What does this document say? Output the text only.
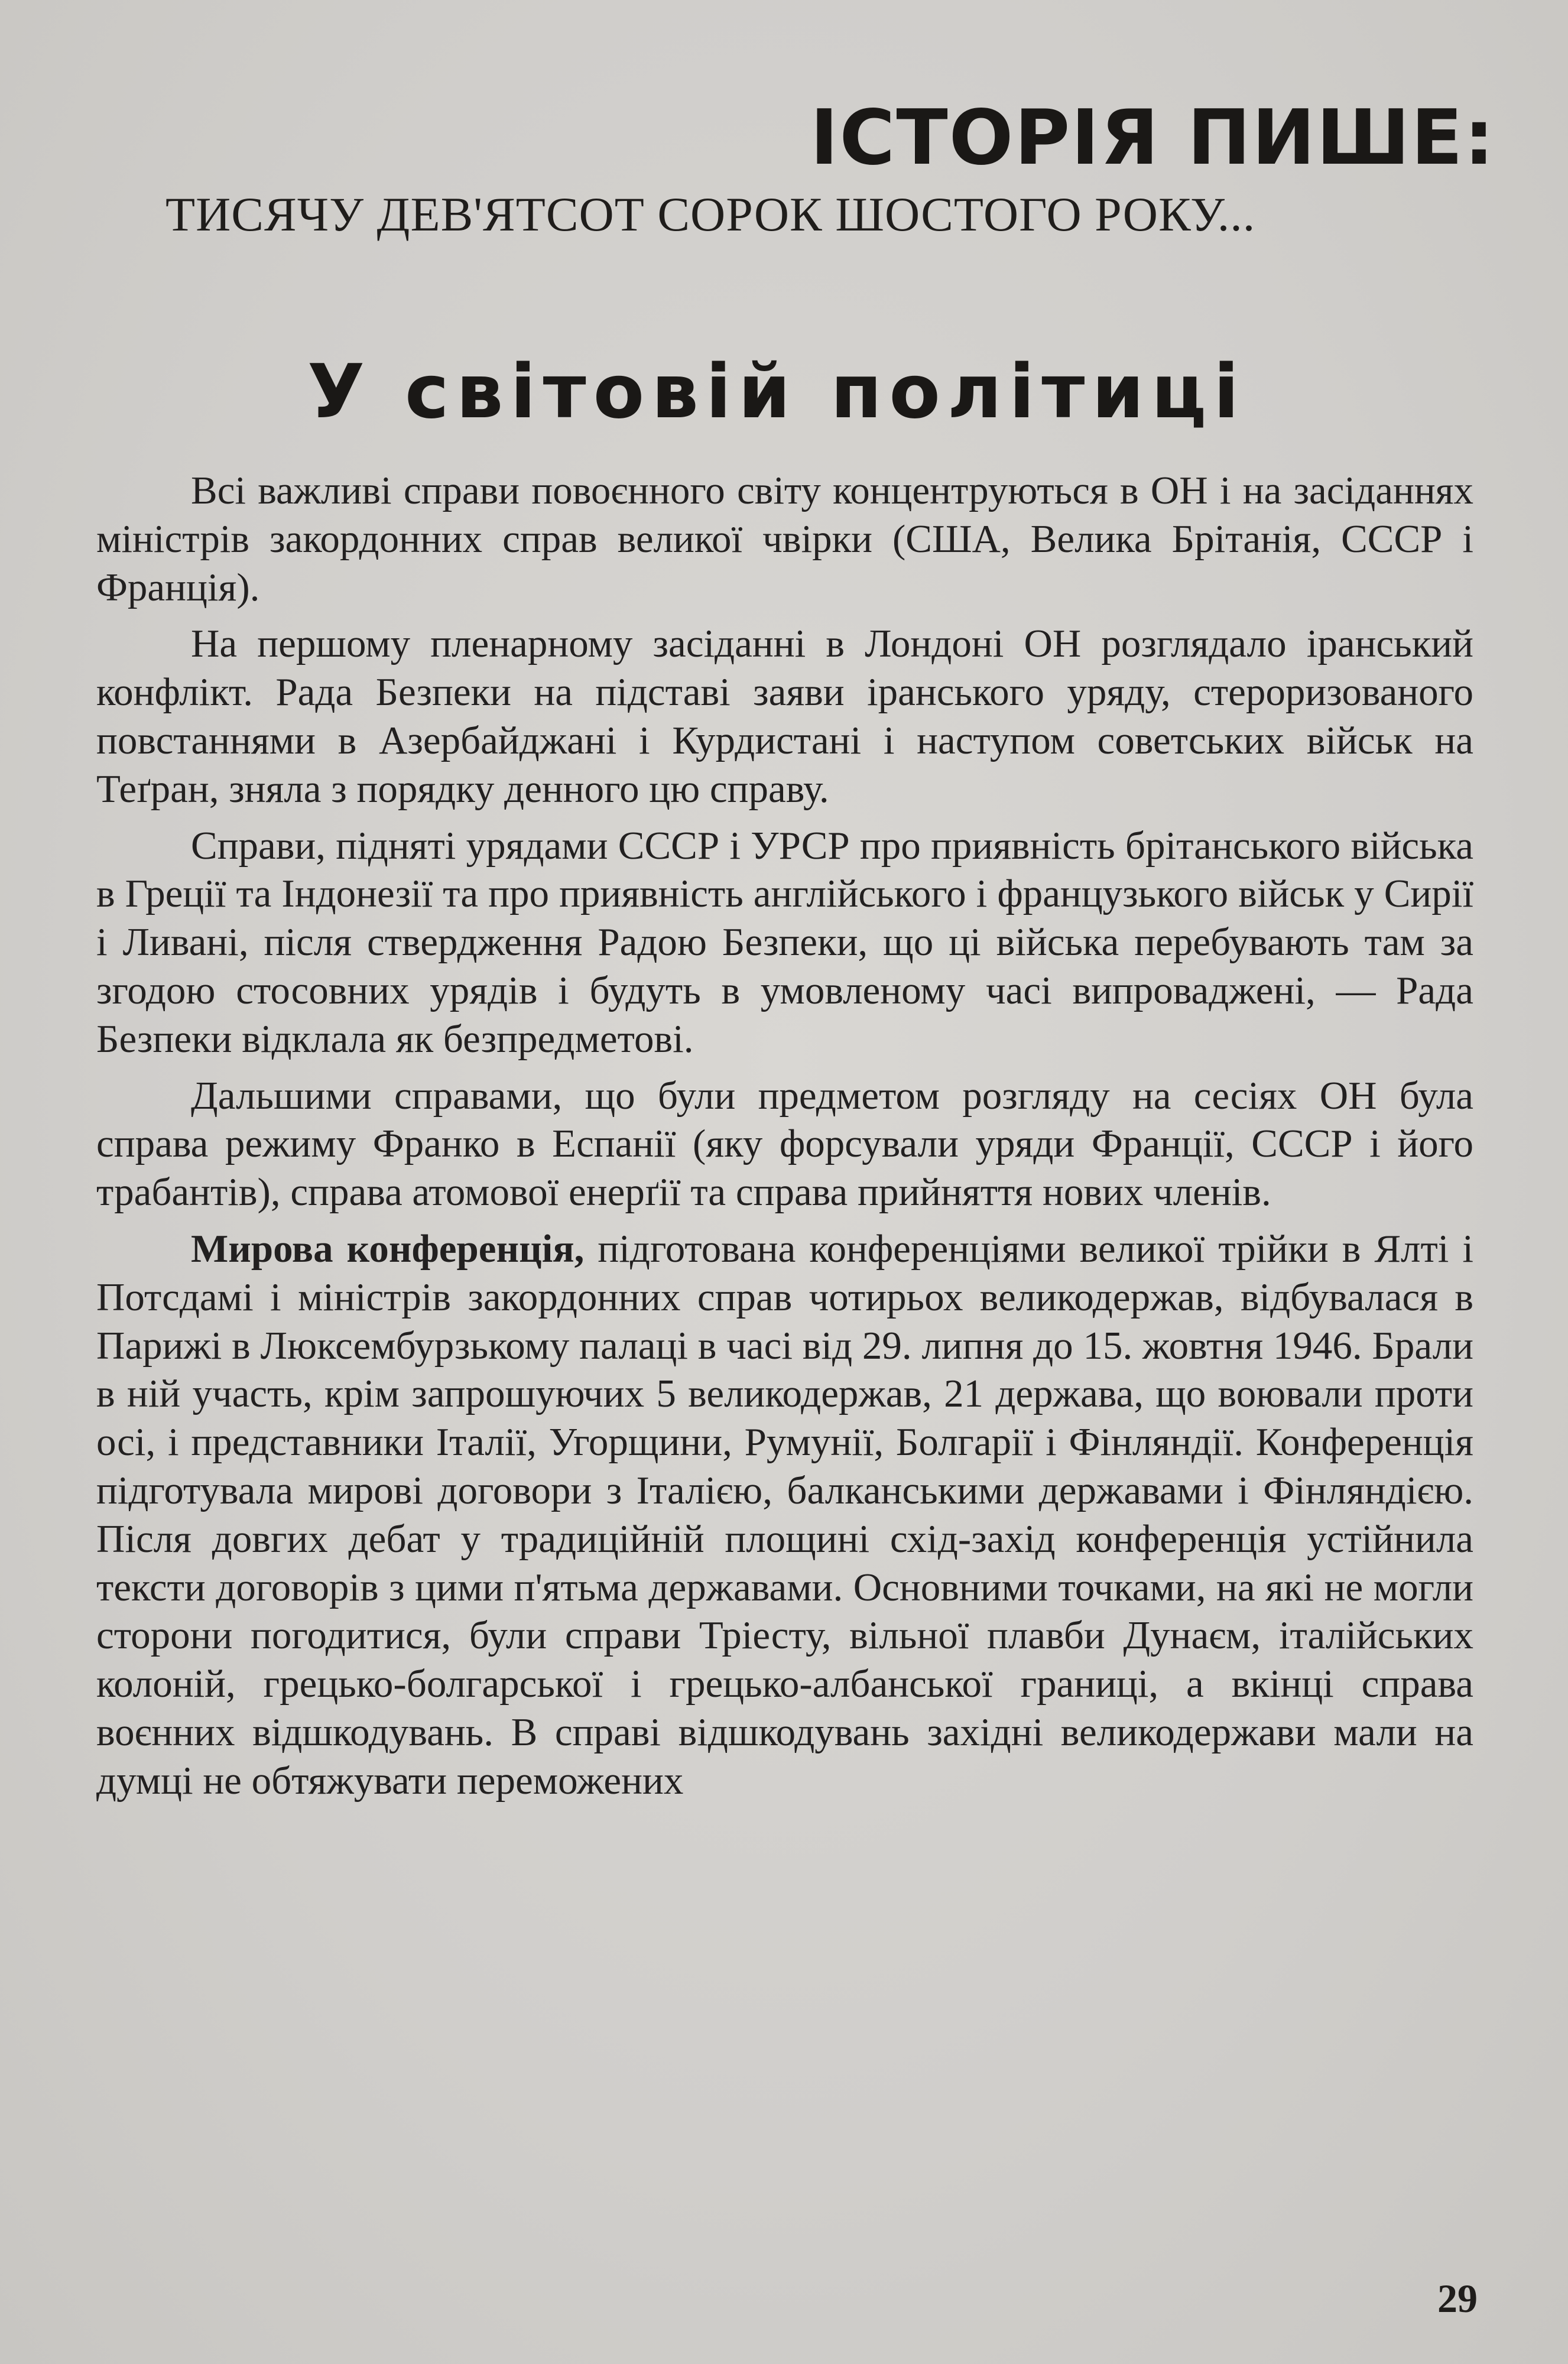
ІСТОРІЯ ПИШЕ:
ТИСЯЧУ ДЕВ'ЯТСОТ СОРОК ШОСТОГО РОКУ...
У світовій політиці

Всі важливі справи повоєнного світу концентруються в ОН і на засіданнях міністрів закордонних справ великої чвірки (США, Велика Брітанія, СССР і Франція).

На першому пленарному засіданні в Лондоні ОН розглядало іранський конфлікт. Рада Безпеки на підставі заяви іранського уряду, стероризованого повстаннями в Азербайджані і Курдистані і наступом советських військ на Теґран, зняла з порядку денного цю справу.

Справи, підняті урядами СССР і УРСР про приявність брітанського війська в Греції та Індонезії та про приявність англійського і французького військ у Сирії і Ливані, після ствердження Радою Безпеки, що ці війська перебувають там за згодою стосовних урядів і будуть в умовленому часі випроваджені, — Рада Безпеки відклала як безпредметові.

Дальшими справами, що були предметом розгляду на сесіях ОН була справа режиму Франко в Еспанії (яку форсували уряди Франції, СССР і його трабантів), справа атомової енерґії та справа прийняття нових членів.

Мирова конференція, підготована конференціями великої трійки в Ялті і Потсдамі і міністрів закордонних справ чотирьох великодержав, відбувалася в Парижі в Люксембурзькому палаці в часі від 29. липня до 15. жовтня 1946. Брали в ній участь, крім запрошуючих 5 великодержав, 21 держава, що воювали проти осі, і представники Італії, Угорщини, Румунії, Болгарії і Фінляндії. Конференція підготувала мирові договори з Італією, балканськими державами і Фінляндією. Після довгих дебат у традиційній площині схід-захід конференція устійнила тексти договорів з цими п'ятьма державами. Основними точками, на які не могли сторони погодитися, були справи Тріесту, вільної плавби Дунаєм, італійських колоній, грецько-болгарської і грецько-албанської границі, а вкінці справа воєнних відшкодувань. В справі відшкодувань західні великодержави мали на думці не обтяжувати переможених

29
